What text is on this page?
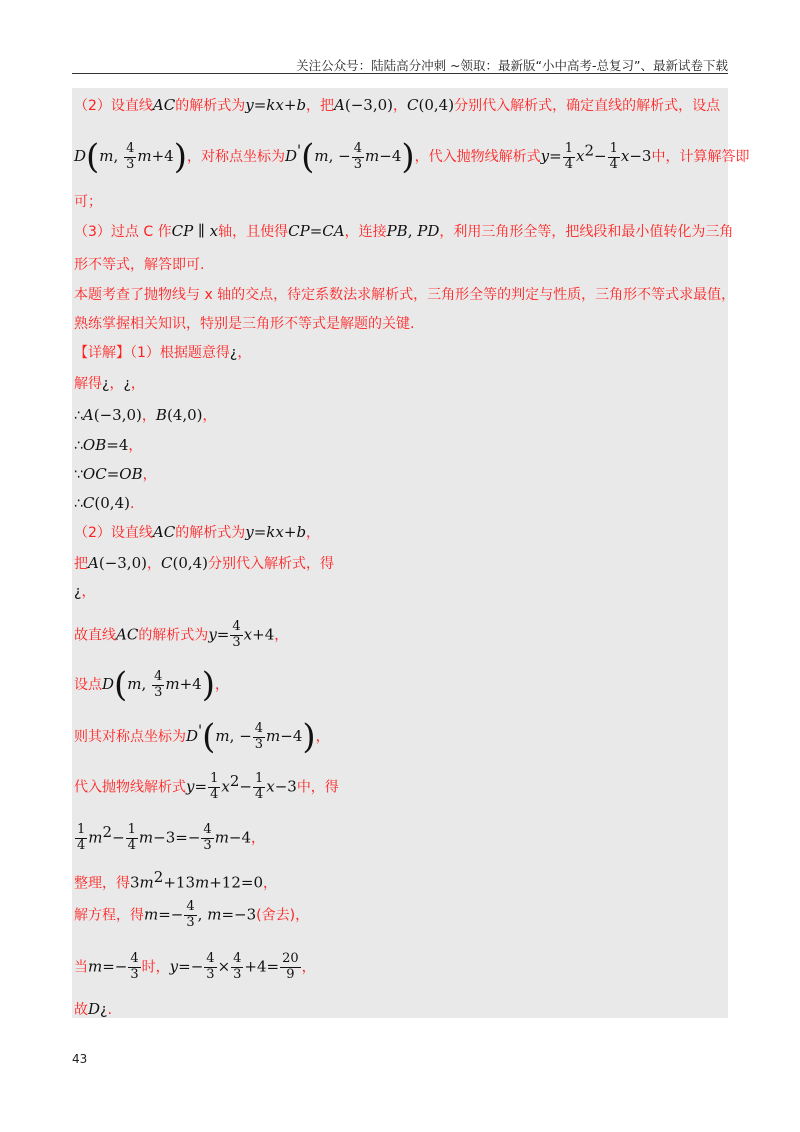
关注公众号：陆陆高分冲刺 ~领取：最新版“小中高考-总复习”、最新试卷下载
（2）设直线AC的解析式为y=kx+b，把A(−3,0)，C(0,4)分别代入解析式，确定直线的解析式，设点
D(m, $\frac{4}{3} m+4$)，对称点坐标为D'(m, − $\frac{4}{3} m-4$)，代入抛物线解析式$y= \frac{1}{4} x^2- \frac{1}{4} x-3$中，计算解答即
可；
（3）过点 C 作CP ∥ x轴，且使得CP=CA，连接PB, PD，利用三角形全等，把线段和最小值转化为三角
形不等式，解答即可.
本题考查了抛物线与 x 轴的交点，待定系数法求解析式，三角形全等的判定与性质，三角形不等式求最值，
熟练掌握相关知识，特别是三角形不等式是解题的关键.
【详解】（1）根据题意得¿，
解得¿，¿，
∴A(−3,0)，B(4,0)，
∴OB=4，
∵OC=OB，
∴C(0,4).
（2）设直线AC的解析式为y=kx+b，
把A(−3,0)，C(0,4)分别代入解析式，得
¿，
故直线AC的解析式为$y= \frac{4}{3} x+4$，
设点D(m, $\frac{4}{3} m+4$)，
则其对称点坐标为D'(m, − $\frac{4}{3} m-4$)，
代入抛物线解析式$y= \frac{1}{4} x^2- \frac{1}{4} x-3$中，得
$\frac{1}{4} m^2- \frac{1}{4} m-3=- \frac{4}{3} m-4$，
整理，得$3m^2+13m+12=0$，
解方程，得$m=- \frac{4}{3}$ , m=−3(舍去)，
当$m=- \frac{4}{3}$ 时，$y=- \frac{4}{3} \times \frac{4}{3} +4= \frac{20}{9}$ ，
故D¿.
43
